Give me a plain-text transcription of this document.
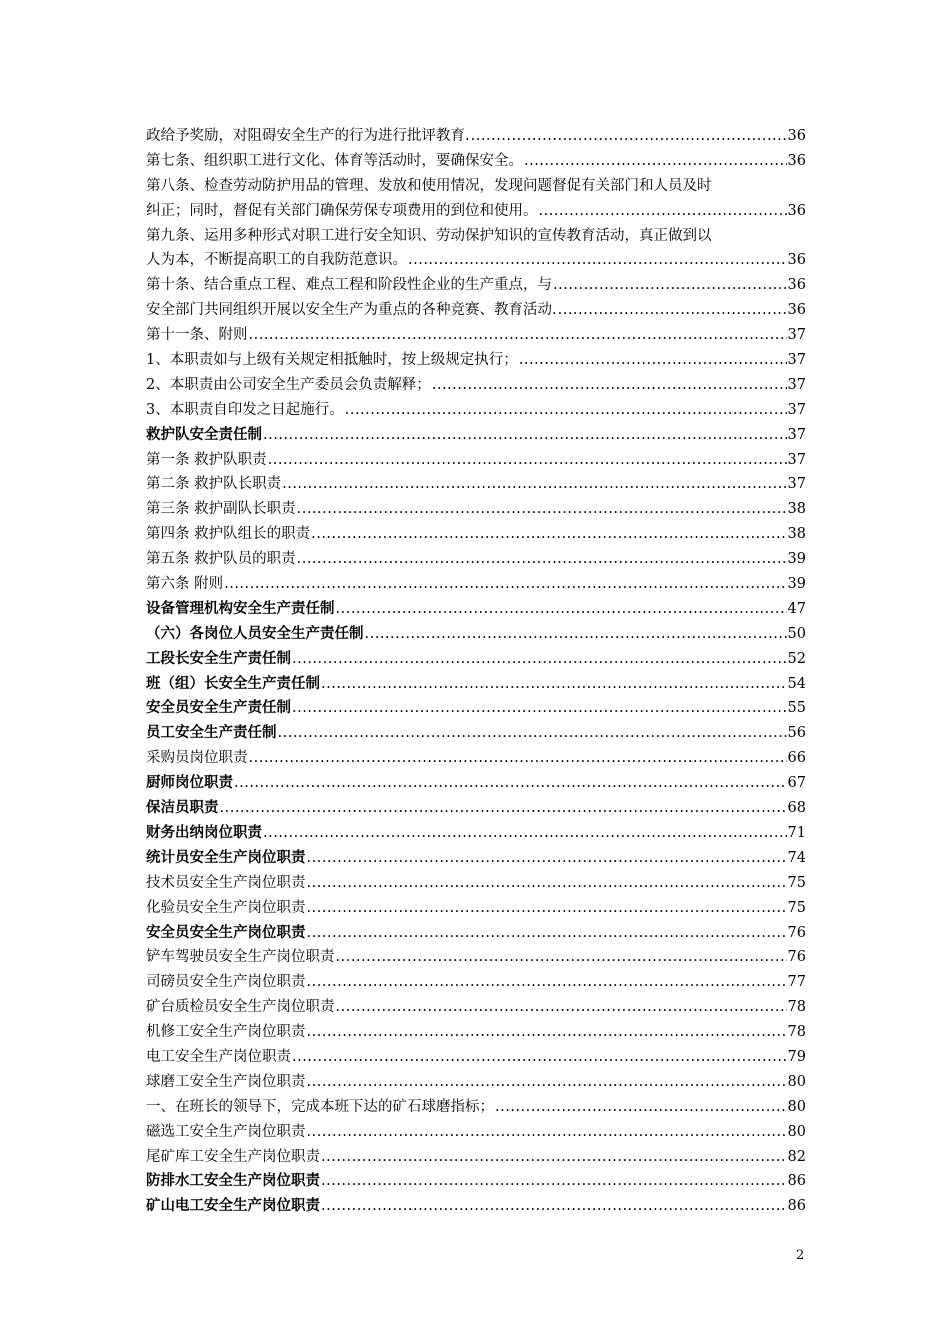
政给予奖励，对阻碍安全生产的行为进行批评教育. .....	36
第七条、组织职工进行文化、体育等活动时，要确保安全。 .....	36
第八条、检查劳动防护用品的管理、发放和使用情况，发现问题督促有关部门和人员及时
纠正；同时，督促有关部门确保劳保专项费用的到位和使用。 .....	36
第九条、运用多种形式对职工进行安全知识、劳动保护知识的宣传教育活动，真正做到以
人为本，不断提高职工的自我防范意识。 .....	36
第十条、结合重点工程、难点工程和阶段性企业的生产重点，与 .....	36
安全部门共同组织开展以安全生产为重点的各种竞赛、教育活动. .....	36
第十一条、附则 .....	37
1、本职责如与上级有关规定相抵触时，按上级规定执行； .....	37
2、本职责由公司安全生产委员会负责解释； .....	37
3、本职责自印发之日起施行。 .....	37
救护队安全责任制 .....	37
第一条 救护队职责 .....	37
第二条 救护队长职责 .....	37
第三条 救护副队长职责 .....	38
第四条 救护队组长的职责 .....	38
第五条 救护队员的职责 .....	39
第六条 附则 .....	39
设备管理机构安全生产责任制 .....	47
（六）各岗位人员安全生产责任制 .....	50
工段长安全生产责任制 .....	52
班（组）长安全生产责任制 .....	54
安全员安全生产责任制 .....	55
员工安全生产责任制 .....	56
采购员岗位职责 .....	66
厨师岗位职责 .....	67
保洁员职责 .....	68
财务出纳岗位职责 .....	71
统计员安全生产岗位职责 .....	74
技术员安全生产岗位职责 .....	75
化验员安全生产岗位职责 .....	75
安全员安全生产岗位职责 .....	76
铲车驾驶员安全生产岗位职责 .....	76
司磅员安全生产岗位职责 .....	77
矿台质检员安全生产岗位职责 .....	78
机修工安全生产岗位职责 .....	78
电工安全生产岗位职责 .....	79
球磨工安全生产岗位职责 .....	80
一、在班长的领导下，完成本班下达的矿石球磨指标； .....	80
磁选工安全生产岗位职责 .....	80
尾矿库工安全生产岗位职责 .....	82
防排水工安全生产岗位职责 .....	86
矿山电工安全生产岗位职责 .....	86
2
